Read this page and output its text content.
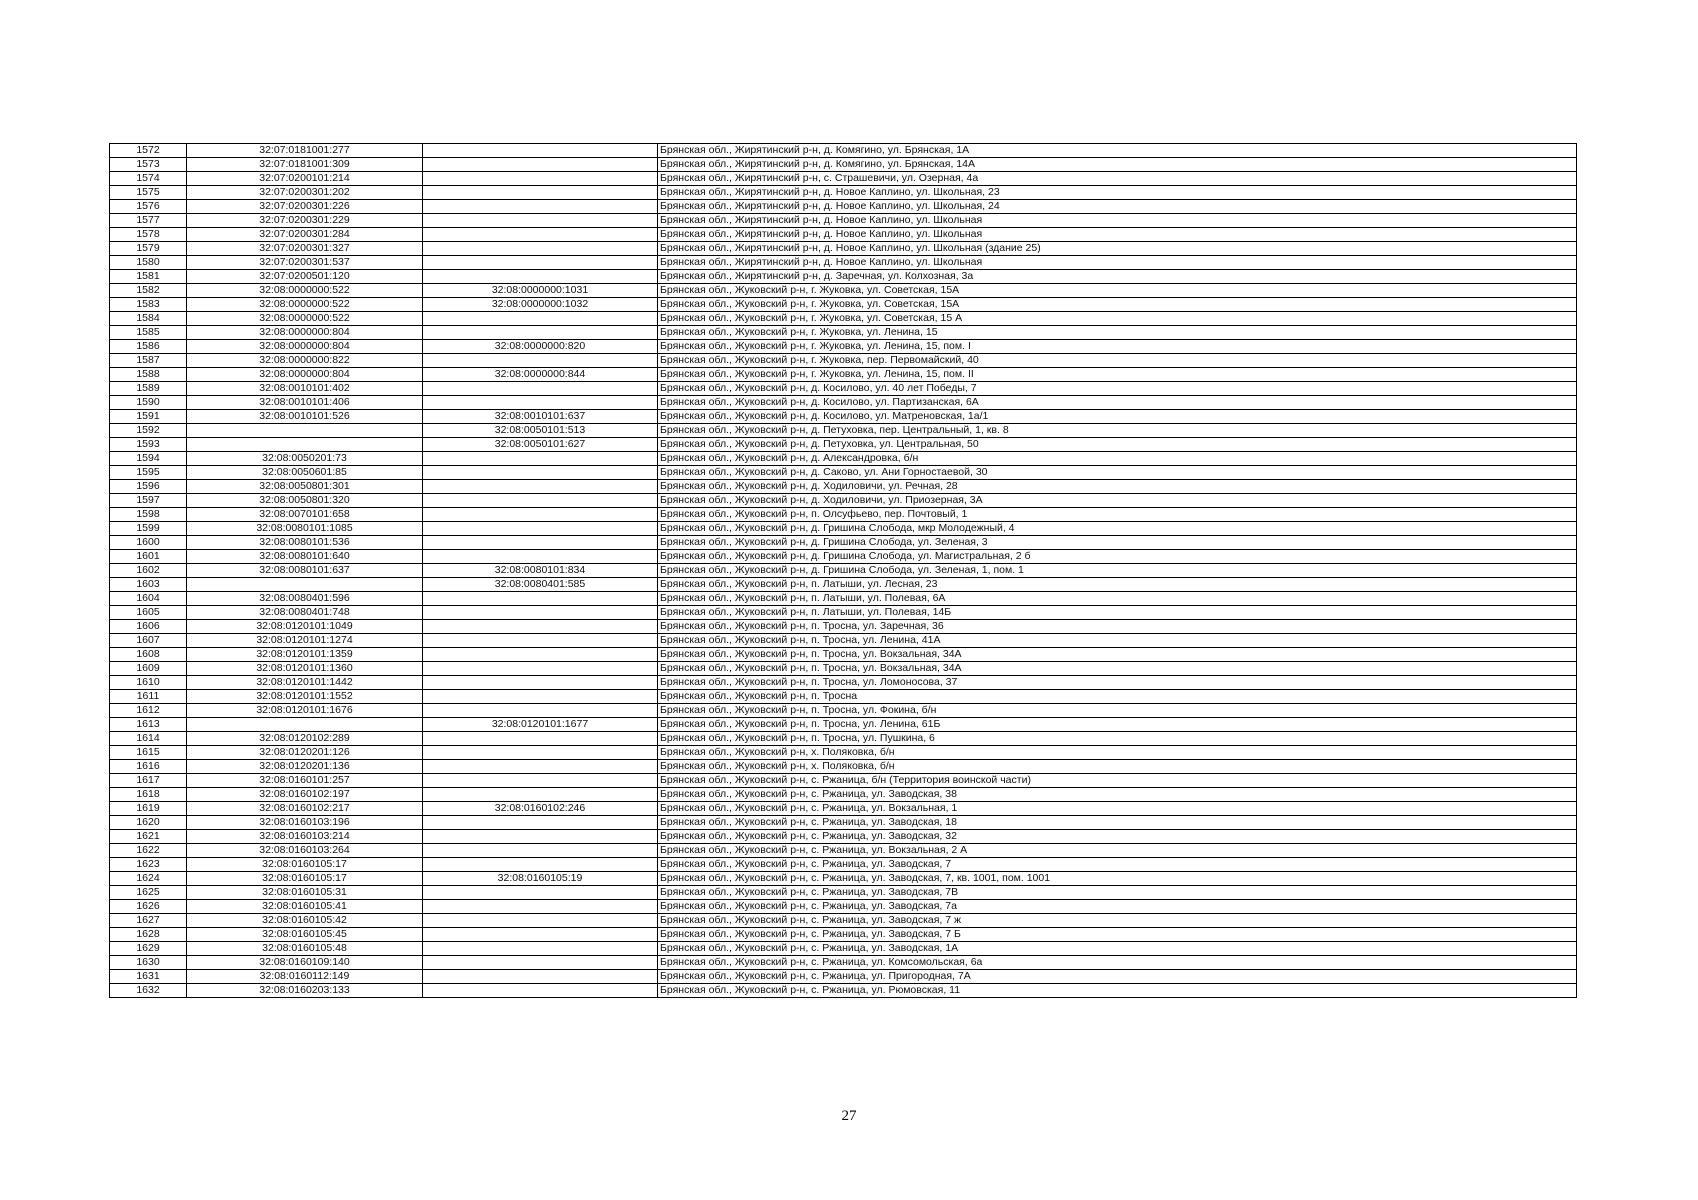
1572	32:07:0181001:277		Брянская обл., Жирятинский р-н, д. Комягино, ул. Брянская, 1А
1573	32:07:0181001:309		Брянская обл., Жирятинский р-н, д. Комягино, ул. Брянская, 14А
1574	32:07:0200101:214		Брянская обл., Жирятинский р-н, с. Страшевичи, ул. Озерная, 4а
1575	32:07:0200301:202		Брянская обл., Жирятинский р-н, д. Новое Каплино, ул. Школьная, 23
1576	32:07:0200301:226		Брянская обл., Жирятинский р-н, д. Новое Каплино, ул. Школьная, 24
1577	32:07:0200301:229		Брянская обл., Жирятинский р-н, д. Новое Каплино, ул. Школьная
1578	32:07:0200301:284		Брянская обл., Жирятинский р-н, д. Новое Каплино, ул. Школьная
1579	32:07:0200301:327		Брянская обл., Жирятинский р-н, д. Новое Каплино, ул. Школьная (здание 25)
1580	32:07:0200301:537		Брянская обл., Жирятинский р-н, д. Новое Каплино, ул. Школьная
1581	32:07:0200501:120		Брянская обл., Жирятинский р-н, д. Заречная, ул. Колхозная, 3а
1582	32:08:0000000:522	32:08:0000000:1031	Брянская обл., Жуковский р-н, г. Жуковка, ул. Советская, 15А
1583	32:08:0000000:522	32:08:0000000:1032	Брянская обл., Жуковский р-н, г. Жуковка, ул. Советская, 15А
1584	32:08:0000000:522		Брянская обл., Жуковский р-н, г. Жуковка, ул. Советская, 15 А
1585	32:08:0000000:804		Брянская обл., Жуковский р-н, г. Жуковка, ул. Ленина, 15
1586	32:08:0000000:804	32:08:0000000:820	Брянская обл., Жуковский р-н, г. Жуковка, ул. Ленина, 15, пом. I
1587	32:08:0000000:822		Брянская обл., Жуковский р-н, г. Жуковка, пер. Первомайский, 40
1588	32:08:0000000:804	32:08:0000000:844	Брянская обл., Жуковский р-н, г. Жуковка, ул. Ленина, 15, пом. II
1589	32:08:0010101:402		Брянская обл., Жуковский р-н, д. Косилово, ул. 40 лет Победы, 7
1590	32:08:0010101:406		Брянская обл., Жуковский р-н, д. Косилово, ул. Партизанская, 6А
1591	32:08:0010101:526	32:08:0010101:637	Брянская обл., Жуковский р-н, д. Косилово, ул. Матреновская, 1а/1
1592		32:08:0050101:513	Брянская обл., Жуковский р-н, д. Петуховка, пер. Центральный, 1, кв. 8
1593		32:08:0050101:627	Брянская обл., Жуковский р-н, д. Петуховка, ул. Центральная, 50
1594	32:08:0050201:73		Брянская обл., Жуковский р-н, д. Александровка, б/н
1595	32:08:0050601:85		Брянская обл., Жуковский р-н, д. Саково, ул. Ани Горностаевой, 30
1596	32:08:0050801:301		Брянская обл., Жуковский р-н, д. Ходиловичи, ул. Речная, 28
1597	32:08:0050801:320		Брянская обл., Жуковский р-н, д. Ходиловичи, ул. Приозерная, 3А
1598	32:08:0070101:658		Брянская обл., Жуковский р-н, п. Олсуфьево, пер. Почтовый, 1
1599	32:08:0080101:1085		Брянская обл., Жуковский р-н, д. Гришина Слобода, мкр Молодежный, 4
1600	32:08:0080101:536		Брянская обл., Жуковский р-н, д. Гришина Слобода, ул. Зеленая, 3
1601	32:08:0080101:640		Брянская обл., Жуковский р-н, д. Гришина Слобода, ул. Магистральная, 2 б
1602	32:08:0080101:637	32:08:0080101:834	Брянская обл., Жуковский р-н, д. Гришина Слобода, ул. Зеленая, 1, пом. 1
1603		32:08:0080401:585	Брянская обл., Жуковский р-н, п. Латыши, ул. Лесная, 23
1604	32:08:0080401:596		Брянская обл., Жуковский р-н, п. Латыши, ул. Полевая, 6А
1605	32:08:0080401:748		Брянская обл., Жуковский р-н, п. Латыши, ул. Полевая, 14Б
1606	32:08:0120101:1049		Брянская обл., Жуковский р-н, п. Тросна, ул. Заречная, 36
1607	32:08:0120101:1274		Брянская обл., Жуковский р-н, п. Тросна, ул. Ленина, 41А
1608	32:08:0120101:1359		Брянская обл., Жуковский р-н, п. Тросна, ул. Вокзальная, 34А
1609	32:08:0120101:1360		Брянская обл., Жуковский р-н, п. Тросна, ул. Вокзальная, 34А
1610	32:08:0120101:1442		Брянская обл., Жуковский р-н, п. Тросна, ул. Ломоносова, 37
1611	32:08:0120101:1552		Брянская обл., Жуковский р-н, п. Тросна
1612	32:08:0120101:1676		Брянская обл., Жуковский р-н, п. Тросна, ул. Фокина, б/н
1613		32:08:0120101:1677	Брянская обл., Жуковский р-н, п. Тросна, ул. Ленина, 61Б
1614	32:08:0120102:289		Брянская обл., Жуковский р-н, п. Тросна, ул. Пушкина, 6
1615	32:08:0120201:126		Брянская обл., Жуковский р-н, х. Поляковка, б/н
1616	32:08:0120201:136		Брянская обл., Жуковский р-н, х. Поляковка, б/н
1617	32:08:0160101:257		Брянская обл., Жуковский р-н, с. Ржаница, б/н (Территория воинской части)
1618	32:08:0160102:197		Брянская обл., Жуковский р-н, с. Ржаница, ул. Заводская, 38
1619	32:08:0160102:217	32:08:0160102:246	Брянская обл., Жуковский р-н, с. Ржаница, ул. Вокзальная, 1
1620	32:08:0160103:196		Брянская обл., Жуковский р-н, с. Ржаница, ул. Заводская, 18
1621	32:08:0160103:214		Брянская обл., Жуковский р-н, с. Ржаница, ул. Заводская, 32
1622	32:08:0160103:264		Брянская обл., Жуковский р-н, с. Ржаница, ул. Вокзальная, 2 А
1623	32:08:0160105:17		Брянская обл., Жуковский р-н, с. Ржаница, ул. Заводская, 7
1624	32:08:0160105:17	32:08:0160105:19	Брянская обл., Жуковский р-н, с. Ржаница, ул. Заводская, 7, кв. 1001, пом. 1001
1625	32:08:0160105:31		Брянская обл., Жуковский р-н, с. Ржаница, ул. Заводская, 7В
1626	32:08:0160105:41		Брянская обл., Жуковский р-н, с. Ржаница, ул. Заводская, 7а
1627	32:08:0160105:42		Брянская обл., Жуковский р-н, с. Ржаница, ул. Заводская, 7 ж
1628	32:08:0160105:45		Брянская обл., Жуковский р-н, с. Ржаница, ул. Заводская, 7 Б
1629	32:08:0160105:48		Брянская обл., Жуковский р-н, с. Ржаница, ул. Заводская, 1А
1630	32:08:0160109:140		Брянская обл., Жуковский р-н, с. Ржаница, ул. Комсомольская, 6а
1631	32:08:0160112:149		Брянская обл., Жуковский р-н, с. Ржаница, ул. Пригородная, 7А
1632	32:08:0160203:133		Брянская обл., Жуковский р-н, с. Ржаница, ул. Рюмовская, 11
27
